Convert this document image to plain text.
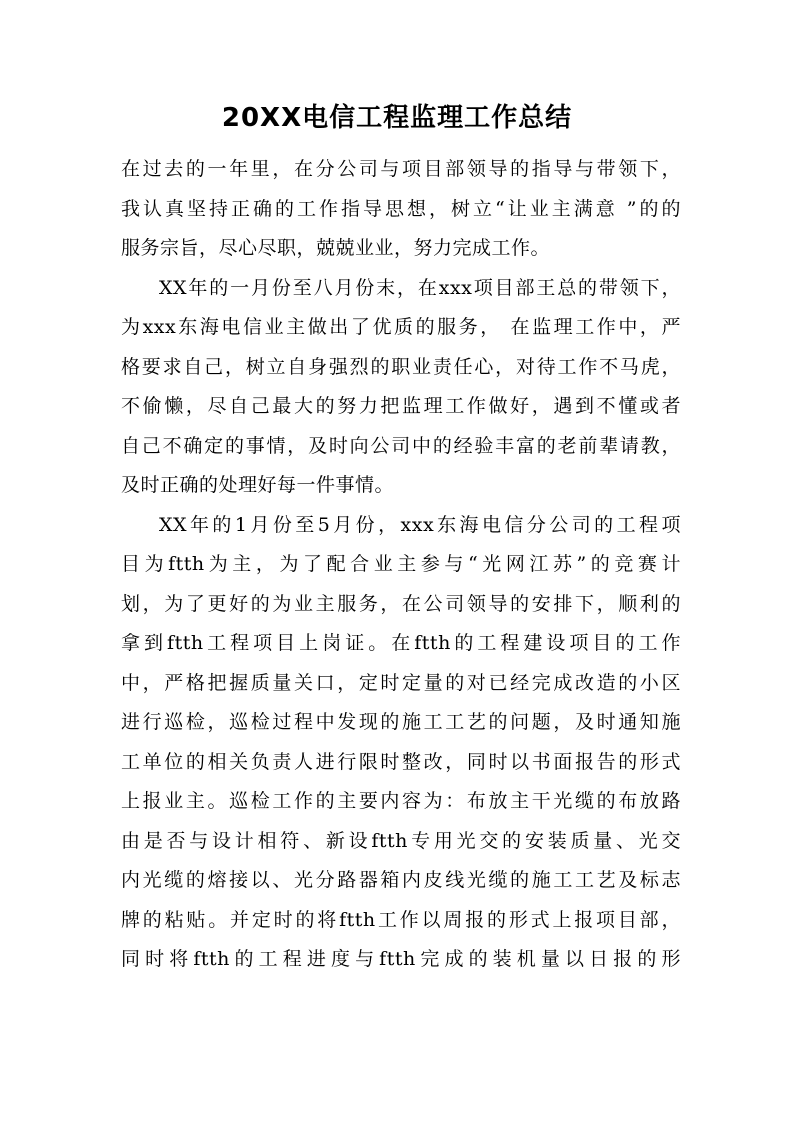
20XX电信工程监理工作总结
在过去的一年里，在分公司与项目部领导的指导与带领下，
我认真坚持正确的工作指导思想，树立“让业主满意 ”的的
服务宗旨，尽心尽职，兢兢业业，努力完成工作。
XX年的一月份至八月份末，在xxx项目部王总的带领下，
为xxx东海电信业主做出了优质的服务， 在监理工作中，严
格要求自己，树立自身强烈的职业责任心，对待工作不马虎，
不偷懒，尽自己最大的努力把监理工作做好，遇到不懂或者
自己不确定的事情，及时向公司中的经验丰富的老前辈请教，
及时正确的处理好每一件事情。
XX年的1月份至5月份，xxx东海电信分公司的工程项
目为ftth为主，为了配合业主参与“光网江苏”的竞赛计
划，为了更好的为业主服务，在公司领导的安排下，顺利的
拿到ftth工程项目上岗证。在ftth的工程建设项目的工作
中，严格把握质量关口，定时定量的对已经完成改造的小区
进行巡检，巡检过程中发现的施工工艺的问题，及时通知施
工单位的相关负责人进行限时整改，同时以书面报告的形式
上报业主。巡检工作的主要内容为：布放主干光缆的布放路
由是否与设计相符、新设ftth专用光交的安装质量、光交
内光缆的熔接以、光分路器箱内皮线光缆的施工工艺及标志
牌的粘贴。并定时的将ftth工作以周报的形式上报项目部，
同时将ftth的工程进度与ftth完成的装机量以日报的形
